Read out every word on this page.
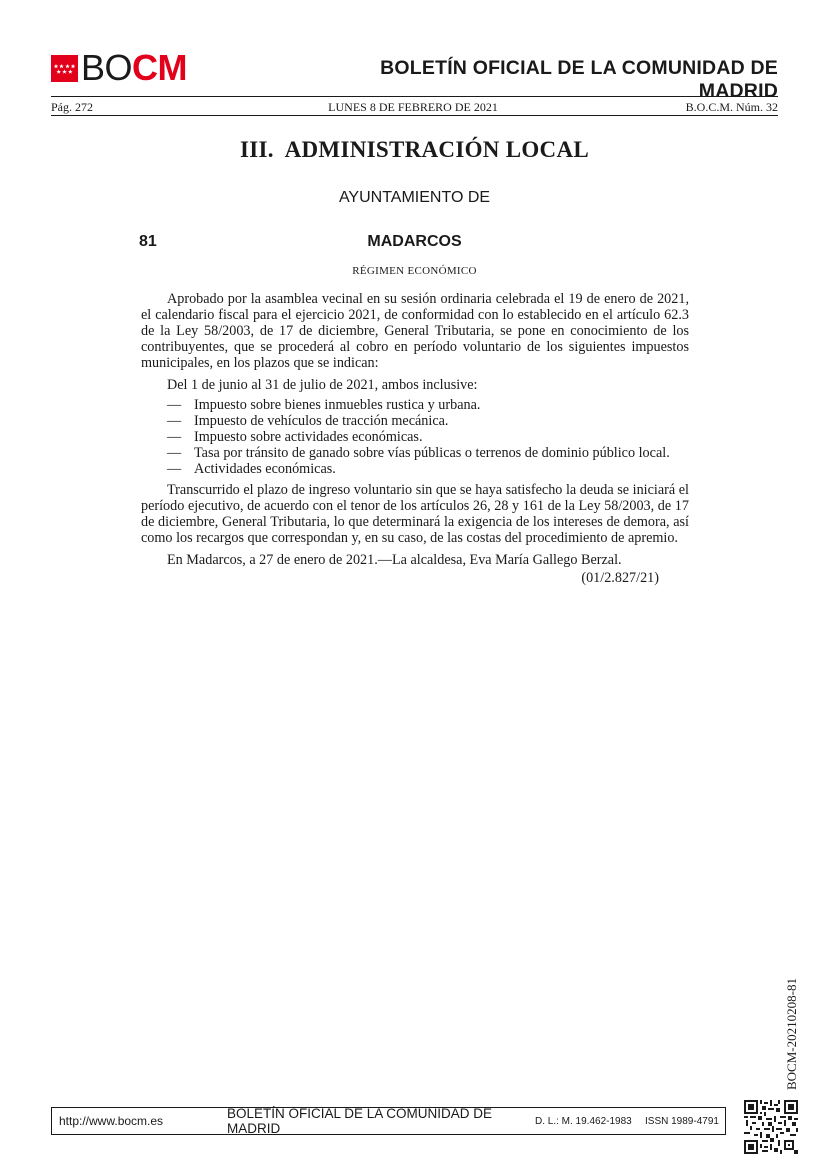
BOCM	BOLETÍN OFICIAL DE LA COMUNIDAD DE MADRID
Pág. 272	LUNES 8 DE FEBRERO DE 2021	B.O.C.M. Núm. 32
III.  ADMINISTRACIÓN LOCAL
AYUNTAMIENTO DE
81	MADARCOS
RÉGIMEN ECONÓMICO

Aprobado por la asamblea vecinal en su sesión ordinaria celebrada el 19 de enero de 2021, el calendario fiscal para el ejercicio 2021, de conformidad con lo establecido en el artículo 62.3 de la Ley 58/2003, de 17 de diciembre, General Tributaria, se pone en conocimiento de los contribuyentes, que se procederá al cobro en período voluntario de los siguientes impuestos municipales, en los plazos que se indican:

Del 1 de junio al 31 de julio de 2021, ambos inclusive:

— Impuesto sobre bienes inmuebles rustica y urbana.
— Impuesto de vehículos de tracción mecánica.
— Impuesto sobre actividades económicas.
— Tasa por tránsito de ganado sobre vías públicas o terrenos de dominio público local.
— Actividades económicas.

Transcurrido el plazo de ingreso voluntario sin que se haya satisfecho la deuda se iniciará el período ejecutivo, de acuerdo con el tenor de los artículos 26, 28 y 161 de la Ley 58/2003, de 17 de diciembre, General Tributaria, lo que determinará la exigencia de los intereses de demora, así como los recargos que correspondan y, en su caso, de las costas del procedimiento de apremio.

En Madarcos, a 27 de enero de 2021.—La alcaldesa, Eva María Gallego Berzal.

(01/2.827/21)
BOCM-20210208-81
http://www.bocm.es	BOLETÍN OFICIAL DE LA COMUNIDAD DE MADRID	D. L.: M. 19.462-1983	ISSN 1989-4791
